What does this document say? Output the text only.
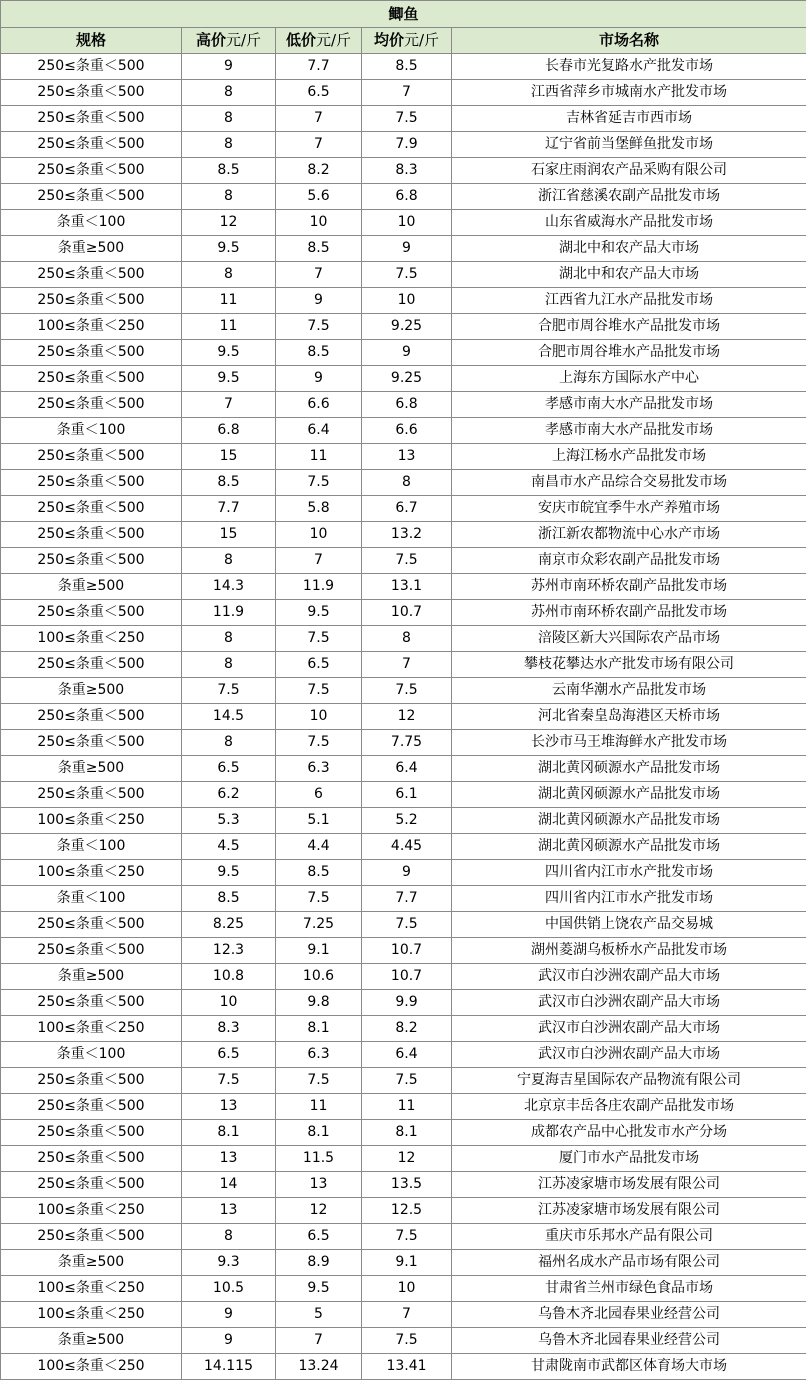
鲫鱼				
规格	高价元/斤	低价元/斤	均价元/斤	市场名称
250≤条重＜500	9	7.7	8.5	长春市光复路水产批发市场
250≤条重＜500	8	6.5	7	江西省萍乡市城南水产批发市场
250≤条重＜500	8	7	7.5	吉林省延吉市西市场
250≤条重＜500	8	7	7.9	辽宁省前当堡鲜鱼批发市场
250≤条重＜500	8.5	8.2	8.3	石家庄雨润农产品采购有限公司
250≤条重＜500	8	5.6	6.8	浙江省慈溪农副产品批发市场
条重＜100	12	10	10	山东省威海水产品批发市场
条重≥500	9.5	8.5	9	湖北中和农产品大市场
250≤条重＜500	8	7	7.5	湖北中和农产品大市场
250≤条重＜500	11	9	10	江西省九江水产品批发市场
100≤条重＜250	11	7.5	9.25	合肥市周谷堆水产品批发市场
250≤条重＜500	9.5	8.5	9	合肥市周谷堆水产品批发市场
250≤条重＜500	9.5	9	9.25	上海东方国际水产中心
250≤条重＜500	7	6.6	6.8	孝感市南大水产品批发市场
条重＜100	6.8	6.4	6.6	孝感市南大水产品批发市场
250≤条重＜500	15	11	13	上海江杨水产品批发市场
250≤条重＜500	8.5	7.5	8	南昌市水产品综合交易批发市场
250≤条重＜500	7.7	5.8	6.7	安庆市皖宜季牛水产养殖市场
250≤条重＜500	15	10	13.2	浙江新农都物流中心水产市场
250≤条重＜500	8	7	7.5	南京市众彩农副产品批发市场
条重≥500	14.3	11.9	13.1	苏州市南环桥农副产品批发市场
250≤条重＜500	11.9	9.5	10.7	苏州市南环桥农副产品批发市场
100≤条重＜250	8	7.5	8	涪陵区新大兴国际农产品市场
250≤条重＜500	8	6.5	7	攀枝花攀达水产批发市场有限公司
条重≥500	7.5	7.5	7.5	云南华潮水产品批发市场
250≤条重＜500	14.5	10	12	河北省秦皇岛海港区天桥市场
250≤条重＜500	8	7.5	7.75	长沙市马王堆海鲜水产批发市场
条重≥500	6.5	6.3	6.4	湖北黄冈硕源水产品批发市场
250≤条重＜500	6.2	6	6.1	湖北黄冈硕源水产品批发市场
100≤条重＜250	5.3	5.1	5.2	湖北黄冈硕源水产品批发市场
条重＜100	4.5	4.4	4.45	湖北黄冈硕源水产品批发市场
100≤条重＜250	9.5	8.5	9	四川省内江市水产批发市场
条重＜100	8.5	7.5	7.7	四川省内江市水产批发市场
250≤条重＜500	8.25	7.25	7.5	中国供销上饶农产品交易城
250≤条重＜500	12.3	9.1	10.7	湖州菱湖乌板桥水产品批发市场
条重≥500	10.8	10.6	10.7	武汉市白沙洲农副产品大市场
250≤条重＜500	10	9.8	9.9	武汉市白沙洲农副产品大市场
100≤条重＜250	8.3	8.1	8.2	武汉市白沙洲农副产品大市场
条重＜100	6.5	6.3	6.4	武汉市白沙洲农副产品大市场
250≤条重＜500	7.5	7.5	7.5	宁夏海吉星国际农产品物流有限公司
250≤条重＜500	13	11	11	北京京丰岳各庄农副产品批发市场
250≤条重＜500	8.1	8.1	8.1	成都农产品中心批发市水产分场
250≤条重＜500	13	11.5	12	厦门市水产品批发市场
250≤条重＜500	14	13	13.5	江苏凌家塘市场发展有限公司
100≤条重＜250	13	12	12.5	江苏凌家塘市场发展有限公司
250≤条重＜500	8	6.5	7.5	重庆市乐邦水产品有限公司
条重≥500	9.3	8.9	9.1	福州名成水产品市场有限公司
100≤条重＜250	10.5	9.5	10	甘肃省兰州市绿色食品市场
100≤条重＜250	9	5	7	乌鲁木齐北园春果业经营公司
条重≥500	9	7	7.5	乌鲁木齐北园春果业经营公司
100≤条重＜250	14.115	13.24	13.41	甘肃陇南市武都区体育场大市场
